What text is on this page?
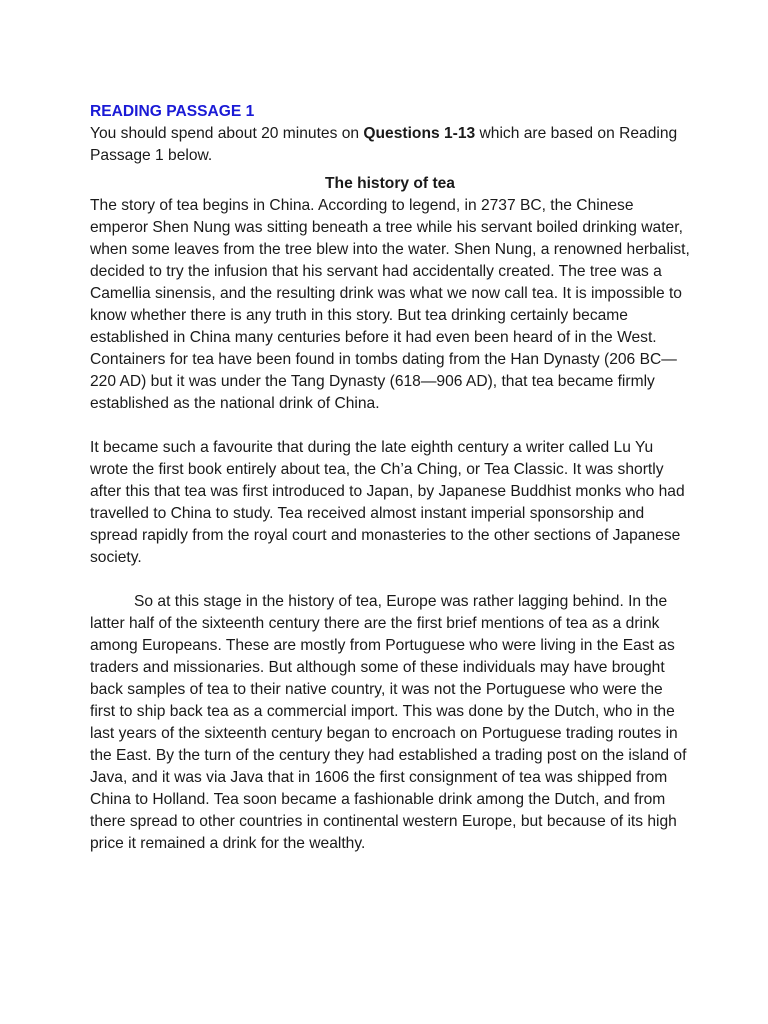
READING PASSAGE 1

You should spend about 20 minutes on Questions 1-13 which are based on Reading Passage 1 below.

The history of tea

The story of tea begins in China. According to legend, in 2737 BC, the Chinese emperor Shen Nung was sitting beneath a tree while his servant boiled drinking water, when some leaves from the tree blew into the water. Shen Nung, a renowned herbalist, decided to try the infusion that his servant had accidentally created. The tree was a Camellia sinensis, and the resulting drink was what we now call tea. It is impossible to know whether there is any truth in this story. But tea drinking certainly became established in China many centuries before it had even been heard of in the West. Containers for tea have been found in tombs dating from the Han Dynasty (206 BC—220 AD) but it was under the Tang Dynasty (618—906 AD), that tea became firmly established as the national drink of China.

It became such a favourite that during the late eighth century a writer called Lu Yu wrote the first book entirely about tea, the Ch’a Ching, or Tea Classic. It was shortly after this that tea was first introduced to Japan, by Japanese Buddhist monks who had travelled to China to study. Tea received almost instant imperial sponsorship and spread rapidly from the royal court and monasteries to the other sections of Japanese society.

So at this stage in the history of tea, Europe was rather lagging behind. In the latter half of the sixteenth century there are the first brief mentions of tea as a drink among Europeans. These are mostly from Portuguese who were living in the East as traders and missionaries. But although some of these individuals may have brought back samples of tea to their native country, it was not the Portuguese who were the first to ship back tea as a commercial import. This was done by the Dutch, who in the last years of the sixteenth century began to encroach on Portuguese trading routes in the East. By the turn of the century they had established a trading post on the island of Java, and it was via Java that in 1606 the first consignment of tea was shipped from China to Holland. Tea soon became a fashionable drink among the Dutch, and from there spread to other countries in continental western Europe, but because of its high price it remained a drink for the wealthy.
